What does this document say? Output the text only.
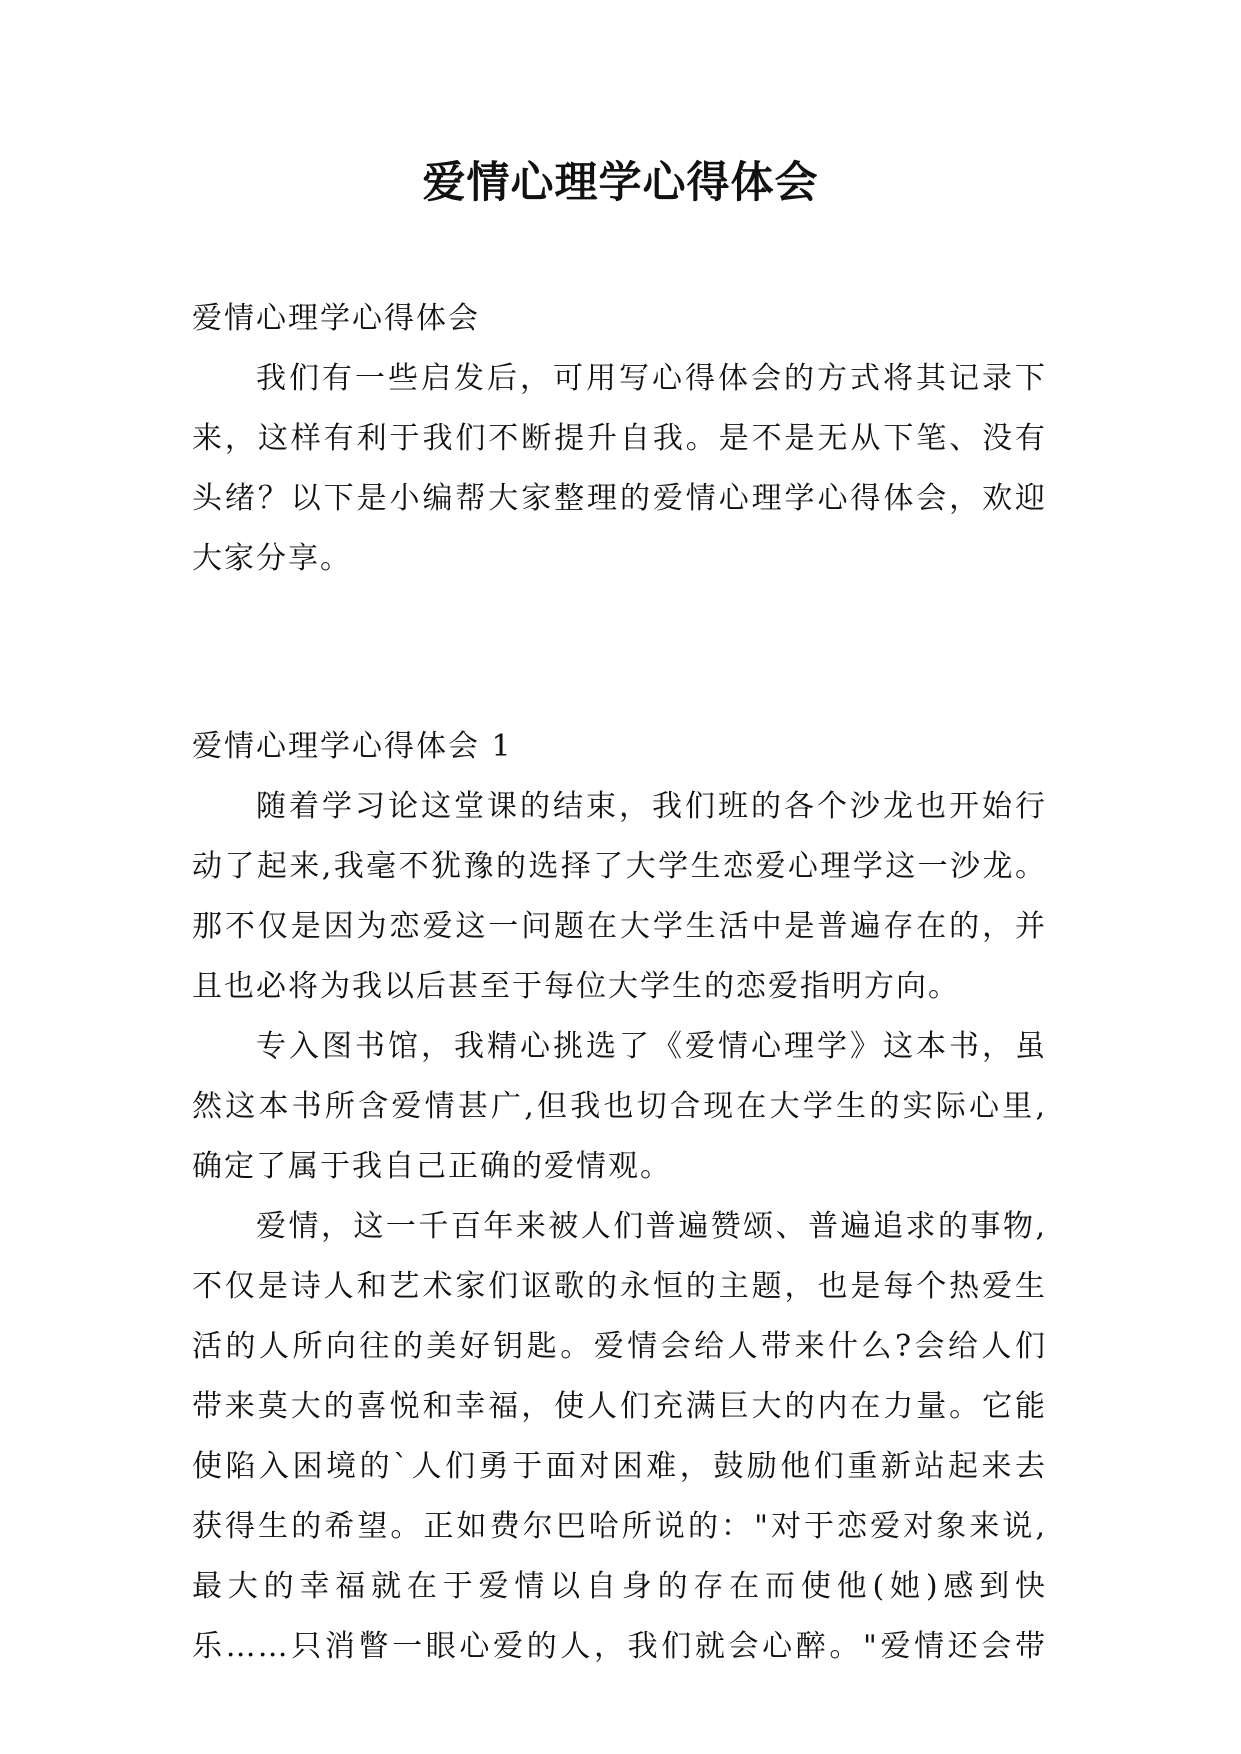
爱情心理学心得体会

爱情心理学心得体会

我们有一些启发后，可用写心得体会的方式将其记录下
来，这样有利于我们不断提升自我。是不是无从下笔、没有
头绪？以下是小编帮大家整理的爱情心理学心得体会，欢迎
大家分享。

爱情心理学心得体会 1

随着学习论这堂课的结束，我们班的各个沙龙也开始行
动了起来,我毫不犹豫的选择了大学生恋爱心理学这一沙龙。
那不仅是因为恋爱这一问题在大学生活中是普遍存在的，并
且也必将为我以后甚至于每位大学生的恋爱指明方向。

专入图书馆，我精心挑选了《爱情心理学》这本书，虽
然这本书所含爱情甚广,但我也切合现在大学生的实际心里,
确定了属于我自己正确的爱情观。

爱情，这一千百年来被人们普遍赞颂、普遍追求的事物,
不仅是诗人和艺术家们讴歌的永恒的主题，也是每个热爱生
活的人所向往的美好钥匙。爱情会给人带来什么?会给人们
带来莫大的喜悦和幸福，使人们充满巨大的内在力量。它能
使陷入困境的`人们勇于面对困难，鼓励他们重新站起来去
获得生的希望。正如费尔巴哈所说的："对于恋爱对象来说,
最大的幸福就在于爱情以自身的存在而使他(她)感到快
乐……只消瞥一眼心爱的人，我们就会心醉。"爱情还会带
